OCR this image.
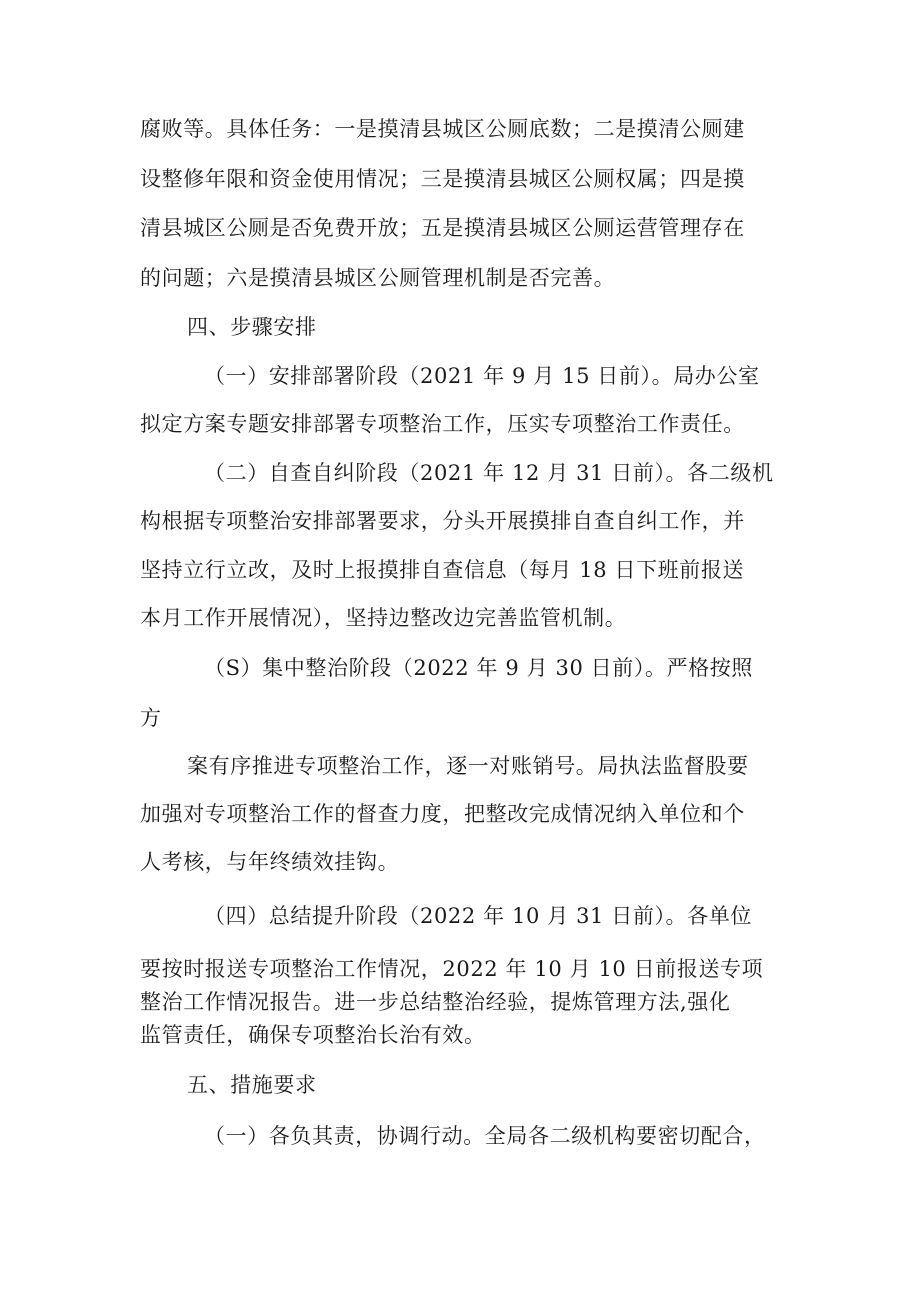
腐败等。具体任务：一是摸清县城区公厕底数；二是摸清公厕建
设整修年限和资金使用情况；三是摸清县城区公厕权属；四是摸
清县城区公厕是否免费开放；五是摸清县城区公厕运营管理存在
的问题；六是摸清县城区公厕管理机制是否完善。
四、步骤安排
（一）安排部署阶段（2021 年 9 月 15 日前）。局办公室
拟定方案专题安排部署专项整治工作，压实专项整治工作责任。
（二）自查自纠阶段（2021 年 12 月 31 日前）。各二级机
构根据专项整治安排部署要求，分头开展摸排自查自纠工作，并
坚持立行立改，及时上报摸排自查信息（每月 18 日下班前报送
本月工作开展情况），坚持边整改边完善监管机制。
（S）集中整治阶段（2022 年 9 月 30 日前）。严格按照
方
案有序推进专项整治工作，逐一对账销号。局执法监督股要
加强对专项整治工作的督查力度，把整改完成情况纳入单位和个
人考核，与年终绩效挂钩。
（四）总结提升阶段（2022 年 10 月 31 日前）。各单位
要按时报送专项整治工作情况，2022 年 10 月 10 日前报送专项
整治工作情况报告。进一步总结整治经验，提炼管理方法,强化
监管责任，确保专项整治长治有效。
五、措施要求
（一）各负其责，协调行动。全局各二级机构要密切配合，
